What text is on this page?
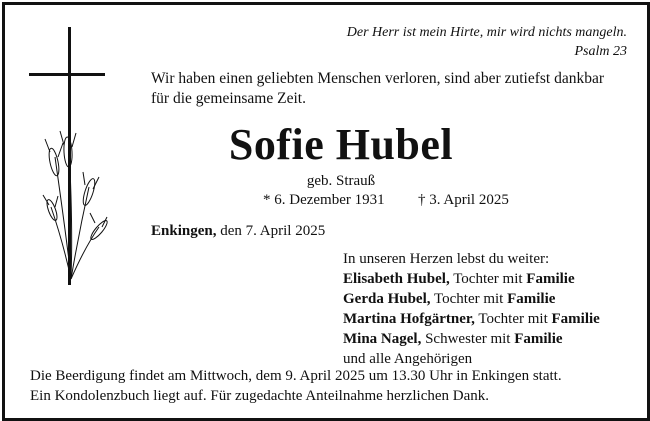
Der Herr ist mein Hirte, mir wird nichts mangeln.
Psalm 23
Wir haben einen geliebten Menschen verloren, sind aber zutiefst dankbar
für die gemeinsame Zeit.
Sofie Hubel
geb. Strauß
* 6. Dezember 1931 † 3. April 2025
Enkingen, den 7. April 2025
In unseren Herzen lebst du weiter:
Elisabeth Hubel, Tochter mit Familie
Gerda Hubel, Tochter mit Familie
Martina Hofgärtner, Tochter mit Familie
Mina Nagel, Schwester mit Familie
und alle Angehörigen
Die Beerdigung findet am Mittwoch, dem 9. April 2025 um 13.30 Uhr in Enkingen statt.
Ein Kondolenzbuch liegt auf. Für zugedachte Anteilnahme herzlichen Dank.
